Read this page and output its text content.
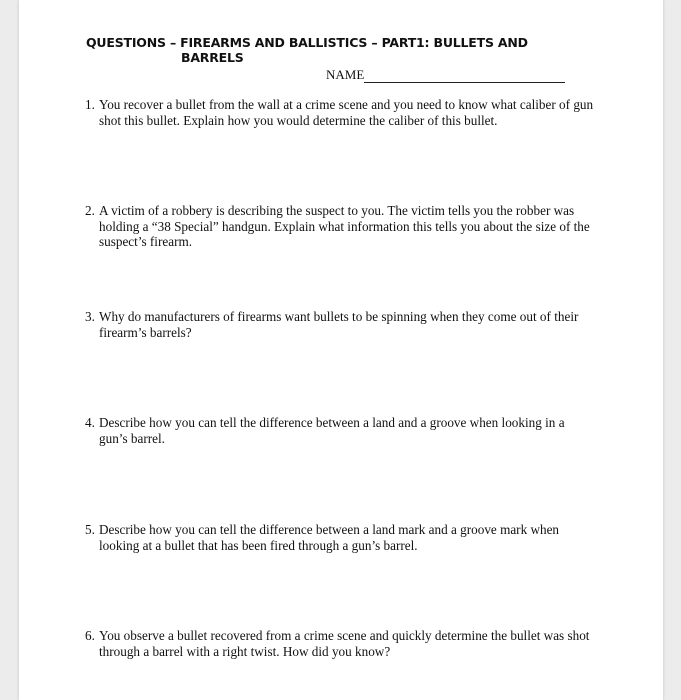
QUESTIONS – FIREARMS AND BALLISTICS – PART1: BULLETS AND
BARRELS
NAME
1. You recover a bullet from the wall at a crime scene and you need to know what caliber of gun shot this bullet. Explain how you would determine the caliber of this bullet.
2. A victim of a robbery is describing the suspect to you. The victim tells you the robber was holding a “38 Special” handgun. Explain what information this tells you about the size of the suspect’s firearm.
3. Why do manufacturers of firearms want bullets to be spinning when they come out of their firearm’s barrels?
4. Describe how you can tell the difference between a land and a groove when looking in a gun’s barrel.
5. Describe how you can tell the difference between a land mark and a groove mark when looking at a bullet that has been fired through a gun’s barrel.
6. You observe a bullet recovered from a crime scene and quickly determine the bullet was shot through a barrel with a right twist. How did you know?
